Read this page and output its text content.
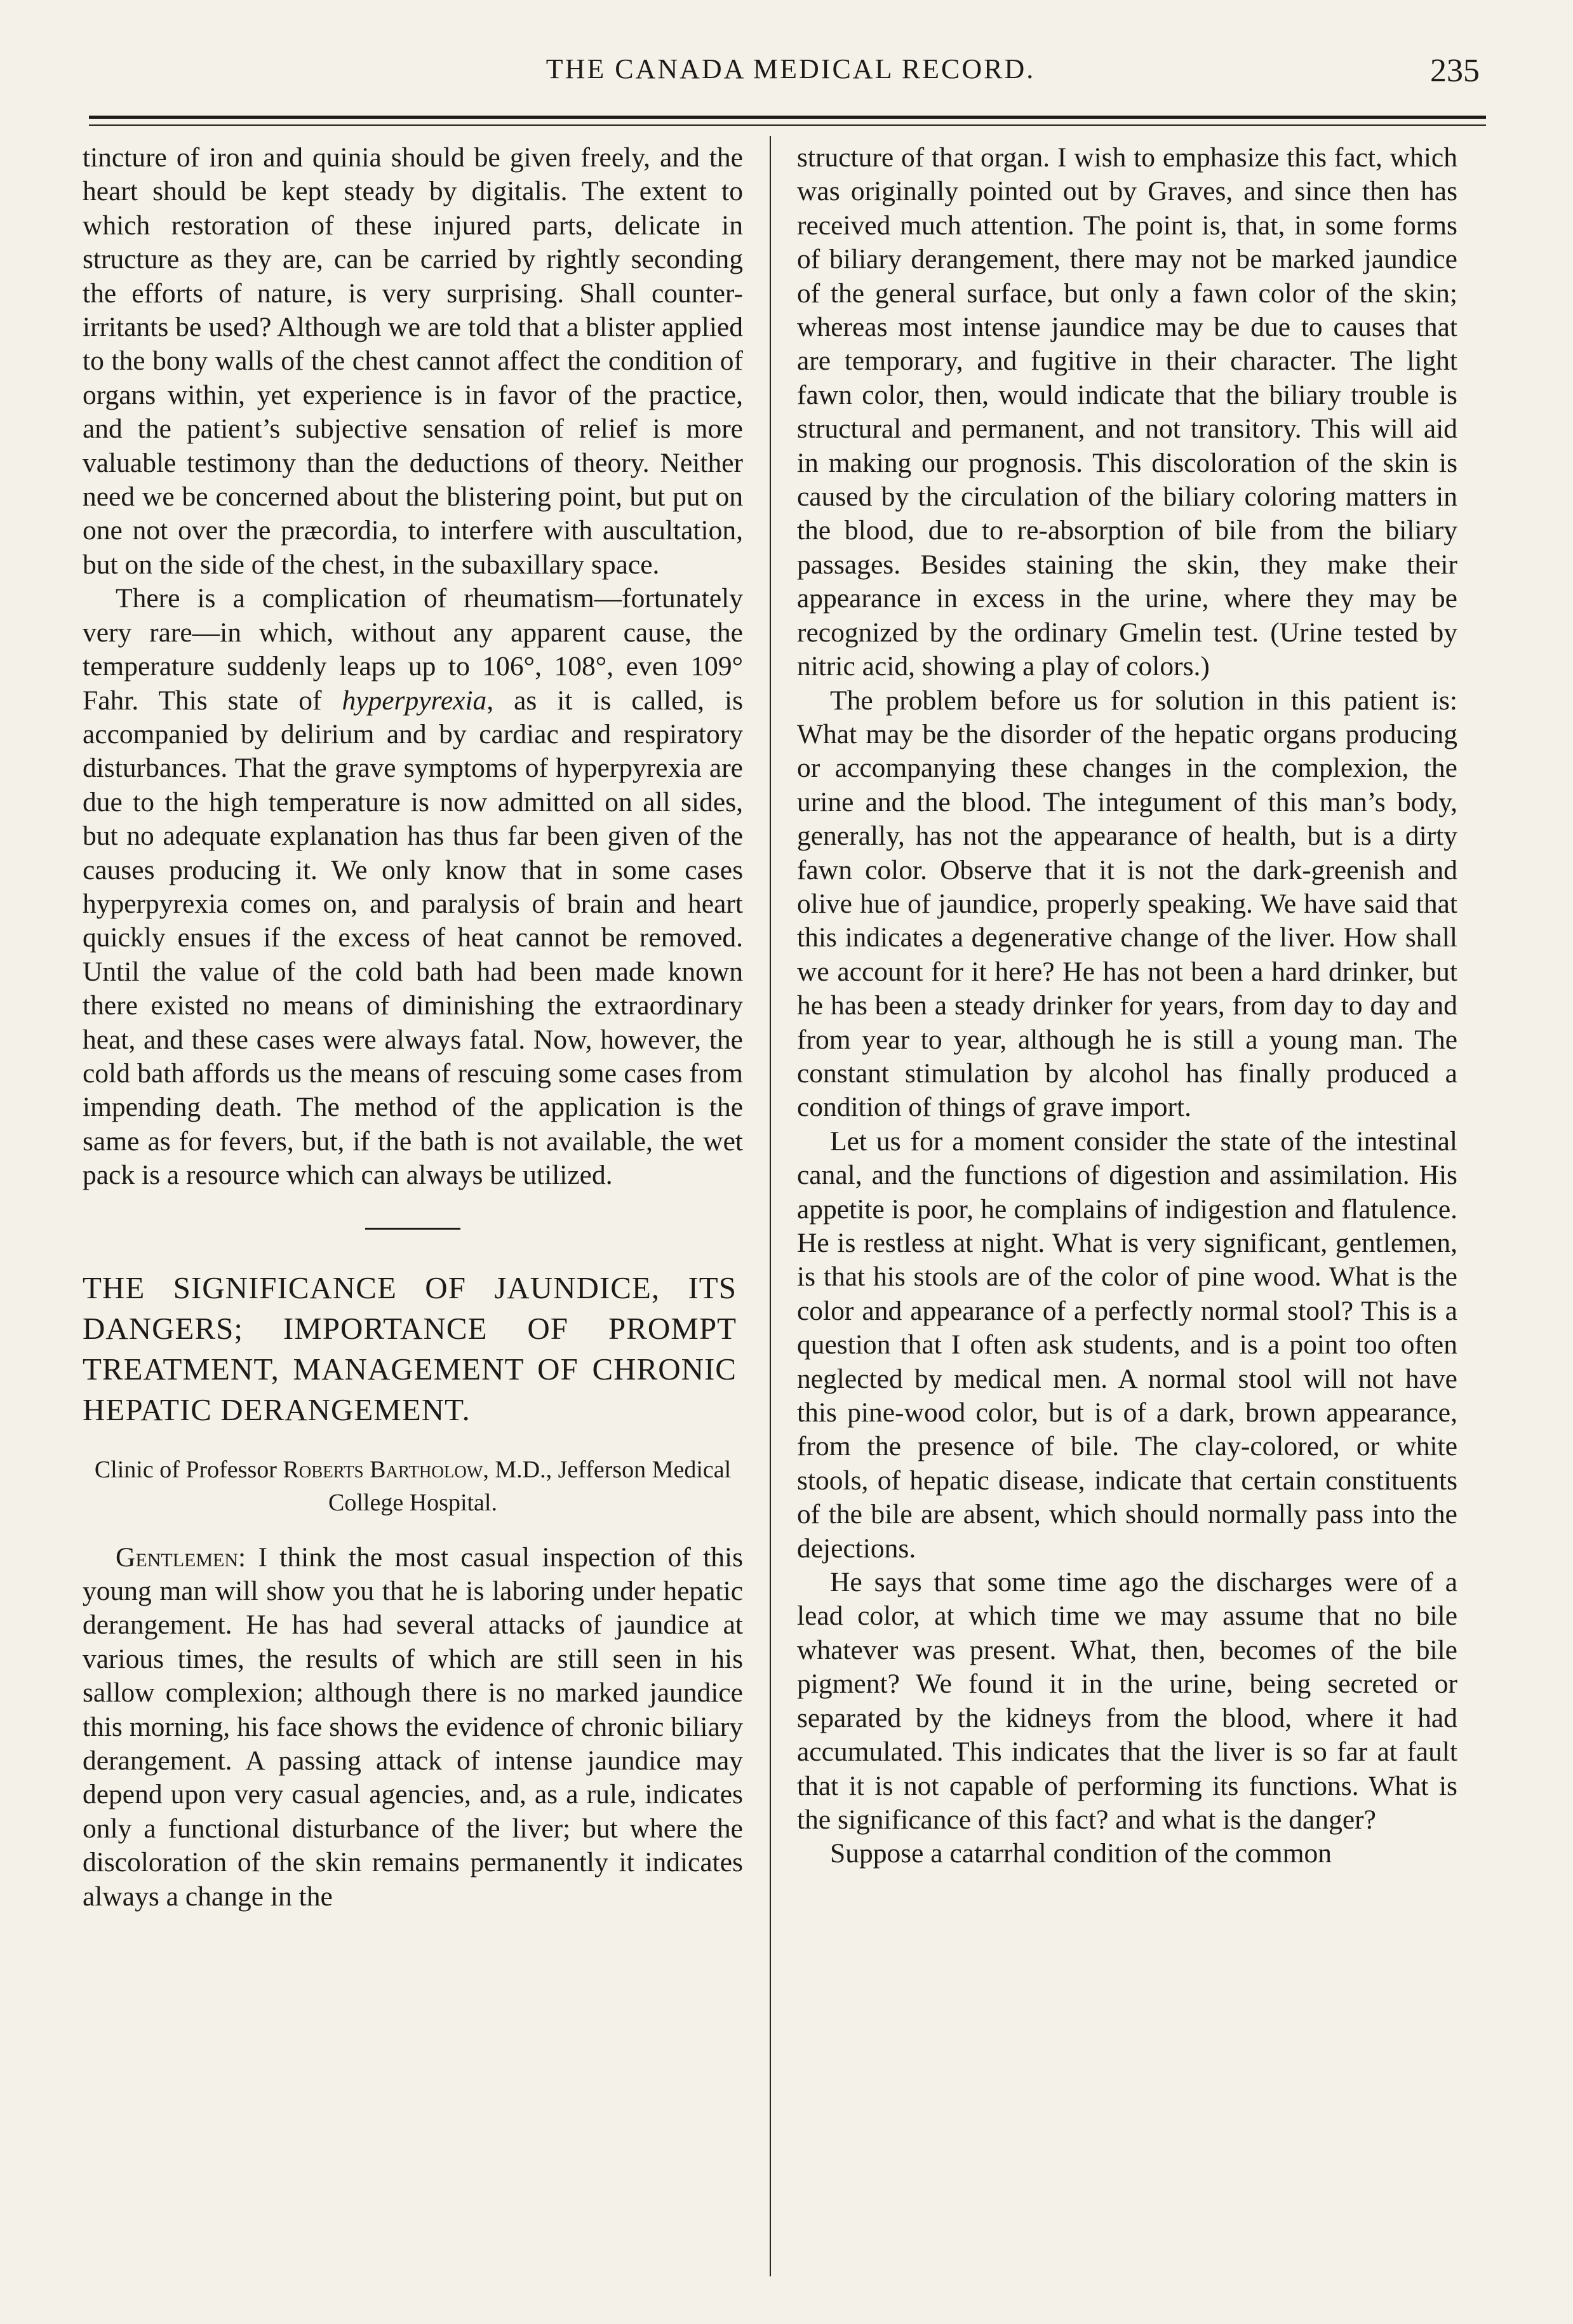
THE CANADA MEDICAL RECORD.	235

tincture of iron and quinia should be given freely, and the heart should be kept steady by digitalis. The extent to which restoration of these injured parts, delicate in structure as they are, can be carried by rightly seconding the efforts of nature, is very surprising. Shall counter-irritants be used? Although we are told that a blister applied to the bony walls of the chest cannot affect the condition of organs within, yet experience is in favor of the practice, and the patient’s subjective sensation of relief is more valuable testimony than the deductions of theory. Neither need we be concerned about the blistering point, but put on one not over the præcordia, to interfere with auscultation, but on the side of the chest, in the subaxillary space.

There is a complication of rheumatism—fortunately very rare—in which, without any apparent cause, the temperature suddenly leaps up to 106°, 108°, even 109° Fahr. This state of hyperpyrexia, as it is called, is accompanied by delirium and by cardiac and respiratory disturbances. That the grave symptoms of hyperpyrexia are due to the high temperature is now admitted on all sides, but no adequate explanation has thus far been given of the causes producing it. We only know that in some cases hyperpyrexia comes on, and paralysis of brain and heart quickly ensues if the excess of heat cannot be removed. Until the value of the cold bath had been made known there existed no means of diminishing the extraordinary heat, and these cases were always fatal. Now, however, the cold bath affords us the means of rescuing some cases from impending death. The method of the application is the same as for fevers, but, if the bath is not available, the wet pack is a resource which can always be utilized.

THE SIGNIFICANCE OF JAUNDICE, ITS DANGERS; IMPORTANCE OF PROMPT TREATMENT, MANAGEMENT OF CHRONIC HEPATIC DERANGEMENT.
Clinic of Professor Roberts Bartholow, M.D., Jefferson Medical College Hospital.

Gentlemen: I think the most casual inspection of this young man will show you that he is laboring under hepatic derangement. He has had several attacks of jaundice at various times, the results of which are still seen in his sallow complexion; although there is no marked jaundice this morning, his face shows the evidence of chronic biliary derangement. A passing attack of intense jaundice may depend upon very casual agencies, and, as a rule, indicates only a functional disturbance of the liver; but where the discoloration of the skin remains permanently it indicates always a change in the

structure of that organ. I wish to emphasize this fact, which was originally pointed out by Graves, and since then has received much attention. The point is, that, in some forms of biliary derangement, there may not be marked jaundice of the general surface, but only a fawn color of the skin; whereas most intense jaundice may be due to causes that are temporary, and fugitive in their character. The light fawn color, then, would indicate that the biliary trouble is structural and permanent, and not transitory. This will aid in making our prognosis. This discoloration of the skin is caused by the circulation of the biliary coloring matters in the blood, due to re-absorption of bile from the biliary passages. Besides staining the skin, they make their appearance in excess in the urine, where they may be recognized by the ordinary Gmelin test. (Urine tested by nitric acid, showing a play of colors.)

The problem before us for solution in this patient is: What may be the disorder of the hepatic organs producing or accompanying these changes in the complexion, the urine and the blood. The integument of this man’s body, generally, has not the appearance of health, but is a dirty fawn color. Observe that it is not the dark-greenish and olive hue of jaundice, properly speaking. We have said that this indicates a degenerative change of the liver. How shall we account for it here? He has not been a hard drinker, but he has been a steady drinker for years, from day to day and from year to year, although he is still a young man. The constant stimulation by alcohol has finally produced a condition of things of grave import.

Let us for a moment consider the state of the intestinal canal, and the functions of digestion and assimilation. His appetite is poor, he complains of indigestion and flatulence. He is restless at night. What is very significant, gentlemen, is that his stools are of the color of pine wood. What is the color and appearance of a perfectly normal stool? This is a question that I often ask students, and is a point too often neglected by medical men. A normal stool will not have this pine-wood color, but is of a dark, brown appearance, from the presence of bile. The clay-colored, or white stools, of hepatic disease, indicate that certain constituents of the bile are absent, which should normally pass into the dejections.

He says that some time ago the discharges were of a lead color, at which time we may assume that no bile whatever was present. What, then, becomes of the bile pigment? We found it in the urine, being secreted or separated by the kidneys from the blood, where it had accumulated. This indicates that the liver is so far at fault that it is not capable of performing its functions. What is the significance of this fact? and what is the danger?

Suppose a catarrhal condition of the common
